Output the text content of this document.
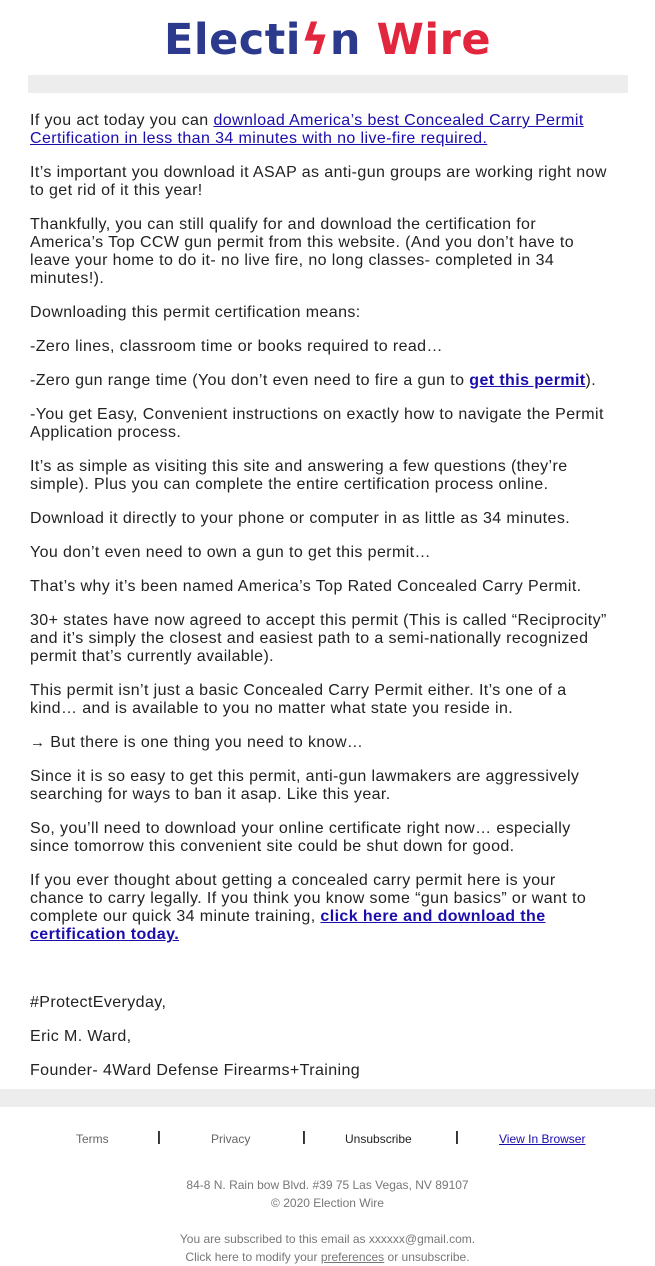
Electiϟn Wire

If you act today you can download America’s best Concealed Carry Permit Certification in less than 34 minutes with no live-fire required.

It’s important you download it ASAP as anti-gun groups are working right now to get rid of it this year!

Thankfully, you can still qualify for and download the certification for America’s Top CCW gun permit from this website. (And you don’t have to leave your home to do it- no live fire, no long classes- completed in 34 minutes!).

Downloading this permit certification means:

-Zero lines, classroom time or books required to read…

-Zero gun range time (You don’t even need to fire a gun to get this permit).

-You get Easy, Convenient instructions on exactly how to navigate the Permit Application process.

It’s as simple as visiting this site and answering a few questions (they’re simple). Plus you can complete the entire certification process online.

Download it directly to your phone or computer in as little as 34 minutes.

You don’t even need to own a gun to get this permit…

That’s why it’s been named America’s Top Rated Concealed Carry Permit.

30+ states have now agreed to accept this permit (This is called “Reciprocity” and it’s simply the closest and easiest path to a semi-nationally recognized permit that’s currently available).

This permit isn’t just a basic Concealed Carry Permit either. It’s one of a kind… and is available to you no matter what state you reside in.

→ But there is one thing you need to know…

Since it is so easy to get this permit, anti-gun lawmakers are aggressively searching for ways to ban it asap. Like this year.

So, you’ll need to download your online certificate right now… especially since tomorrow this convenient site could be shut down for good.

If you ever thought about getting a concealed carry permit here is your chance to carry legally. If you think you know some “gun basics” or want to complete our quick 34 minute training, click here and download the certification today.

#ProtectEveryday,

Eric M. Ward,

Founder- 4Ward Defense Firearms+Training

Terms	|	Privacy	|	Unsubscribe	|	View In Browser

84-8 N. Rain bow Blvd. #39 75 Las Vegas, NV 89107

© 2020 Election Wire

You are subscribed to this email as xxxxxx@gmail.com.

Click here to modify your preferences or unsubscribe.
